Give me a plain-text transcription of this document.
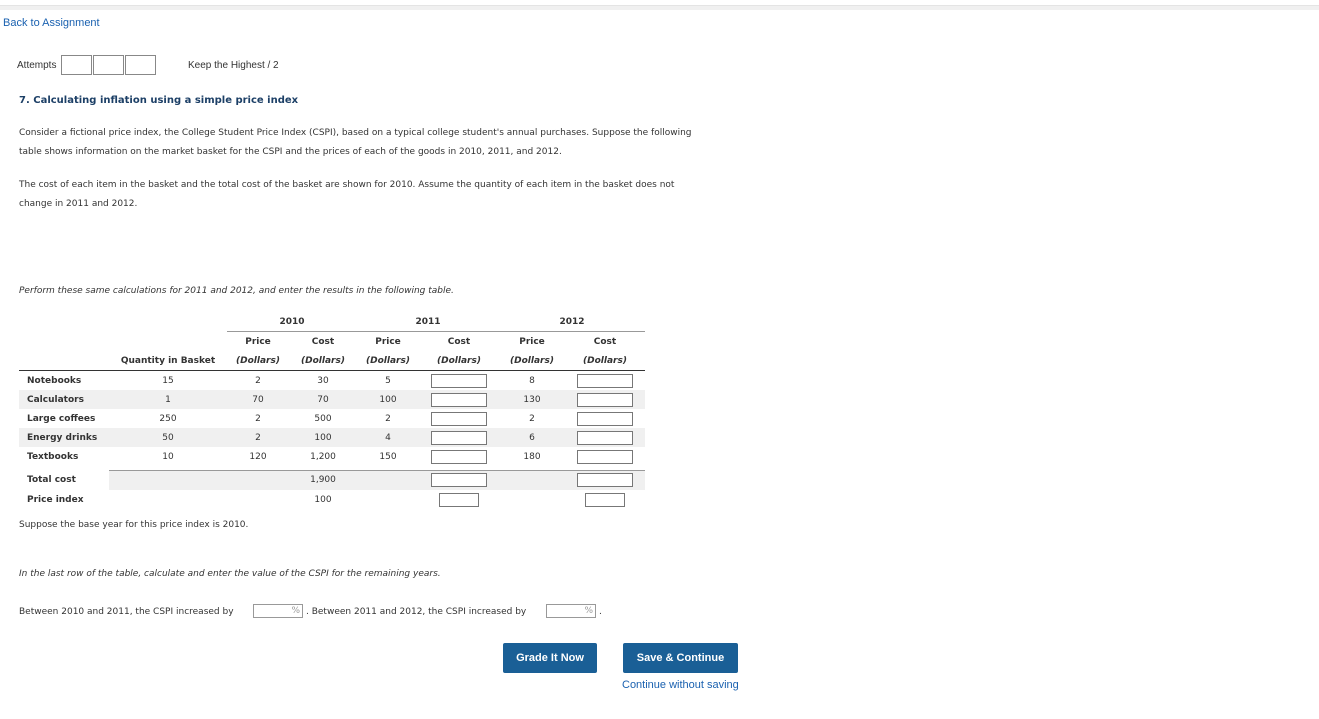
Back to Assignment
Attempts	Keep the Highest / 2
7. Calculating inflation using a simple price index
Consider a fictional price index, the College Student Price Index (CSPI), based on a typical college student's annual purchases. Suppose the following
table shows information on the market basket for the CSPI and the prices of each of the goods in 2010, 2011, and 2012.
The cost of each item in the basket and the total cost of the basket are shown for 2010. Assume the quantity of each item in the basket does not
change in 2011 and 2012.
Perform these same calculations for 2011 and 2012, and enter the results in the following table.
		2010		2011		2012	
		Price	Cost	Price	Cost	Price	Cost
	Quantity in Basket	(Dollars)	(Dollars)	(Dollars)	(Dollars)	(Dollars)	(Dollars)
Notebooks	15	2	30	5		8	
Calculators	1	70	70	100		130	
Large coffees	250	2	500	2		2	
Energy drinks	50	2	100	4		6	
Textbooks	10	120	1,200	150		180	

Total cost			1,900				
Price index			100				
Suppose the base year for this price index is 2010.
In the last row of the table, calculate and enter the value of the CSPI for the remaining years.
Between 2010 and 2011, the CSPI increased by	% . Between 2011 and 2012, the CSPI increased by	% .
Grade It Now	Save & Continue
Continue without saving
